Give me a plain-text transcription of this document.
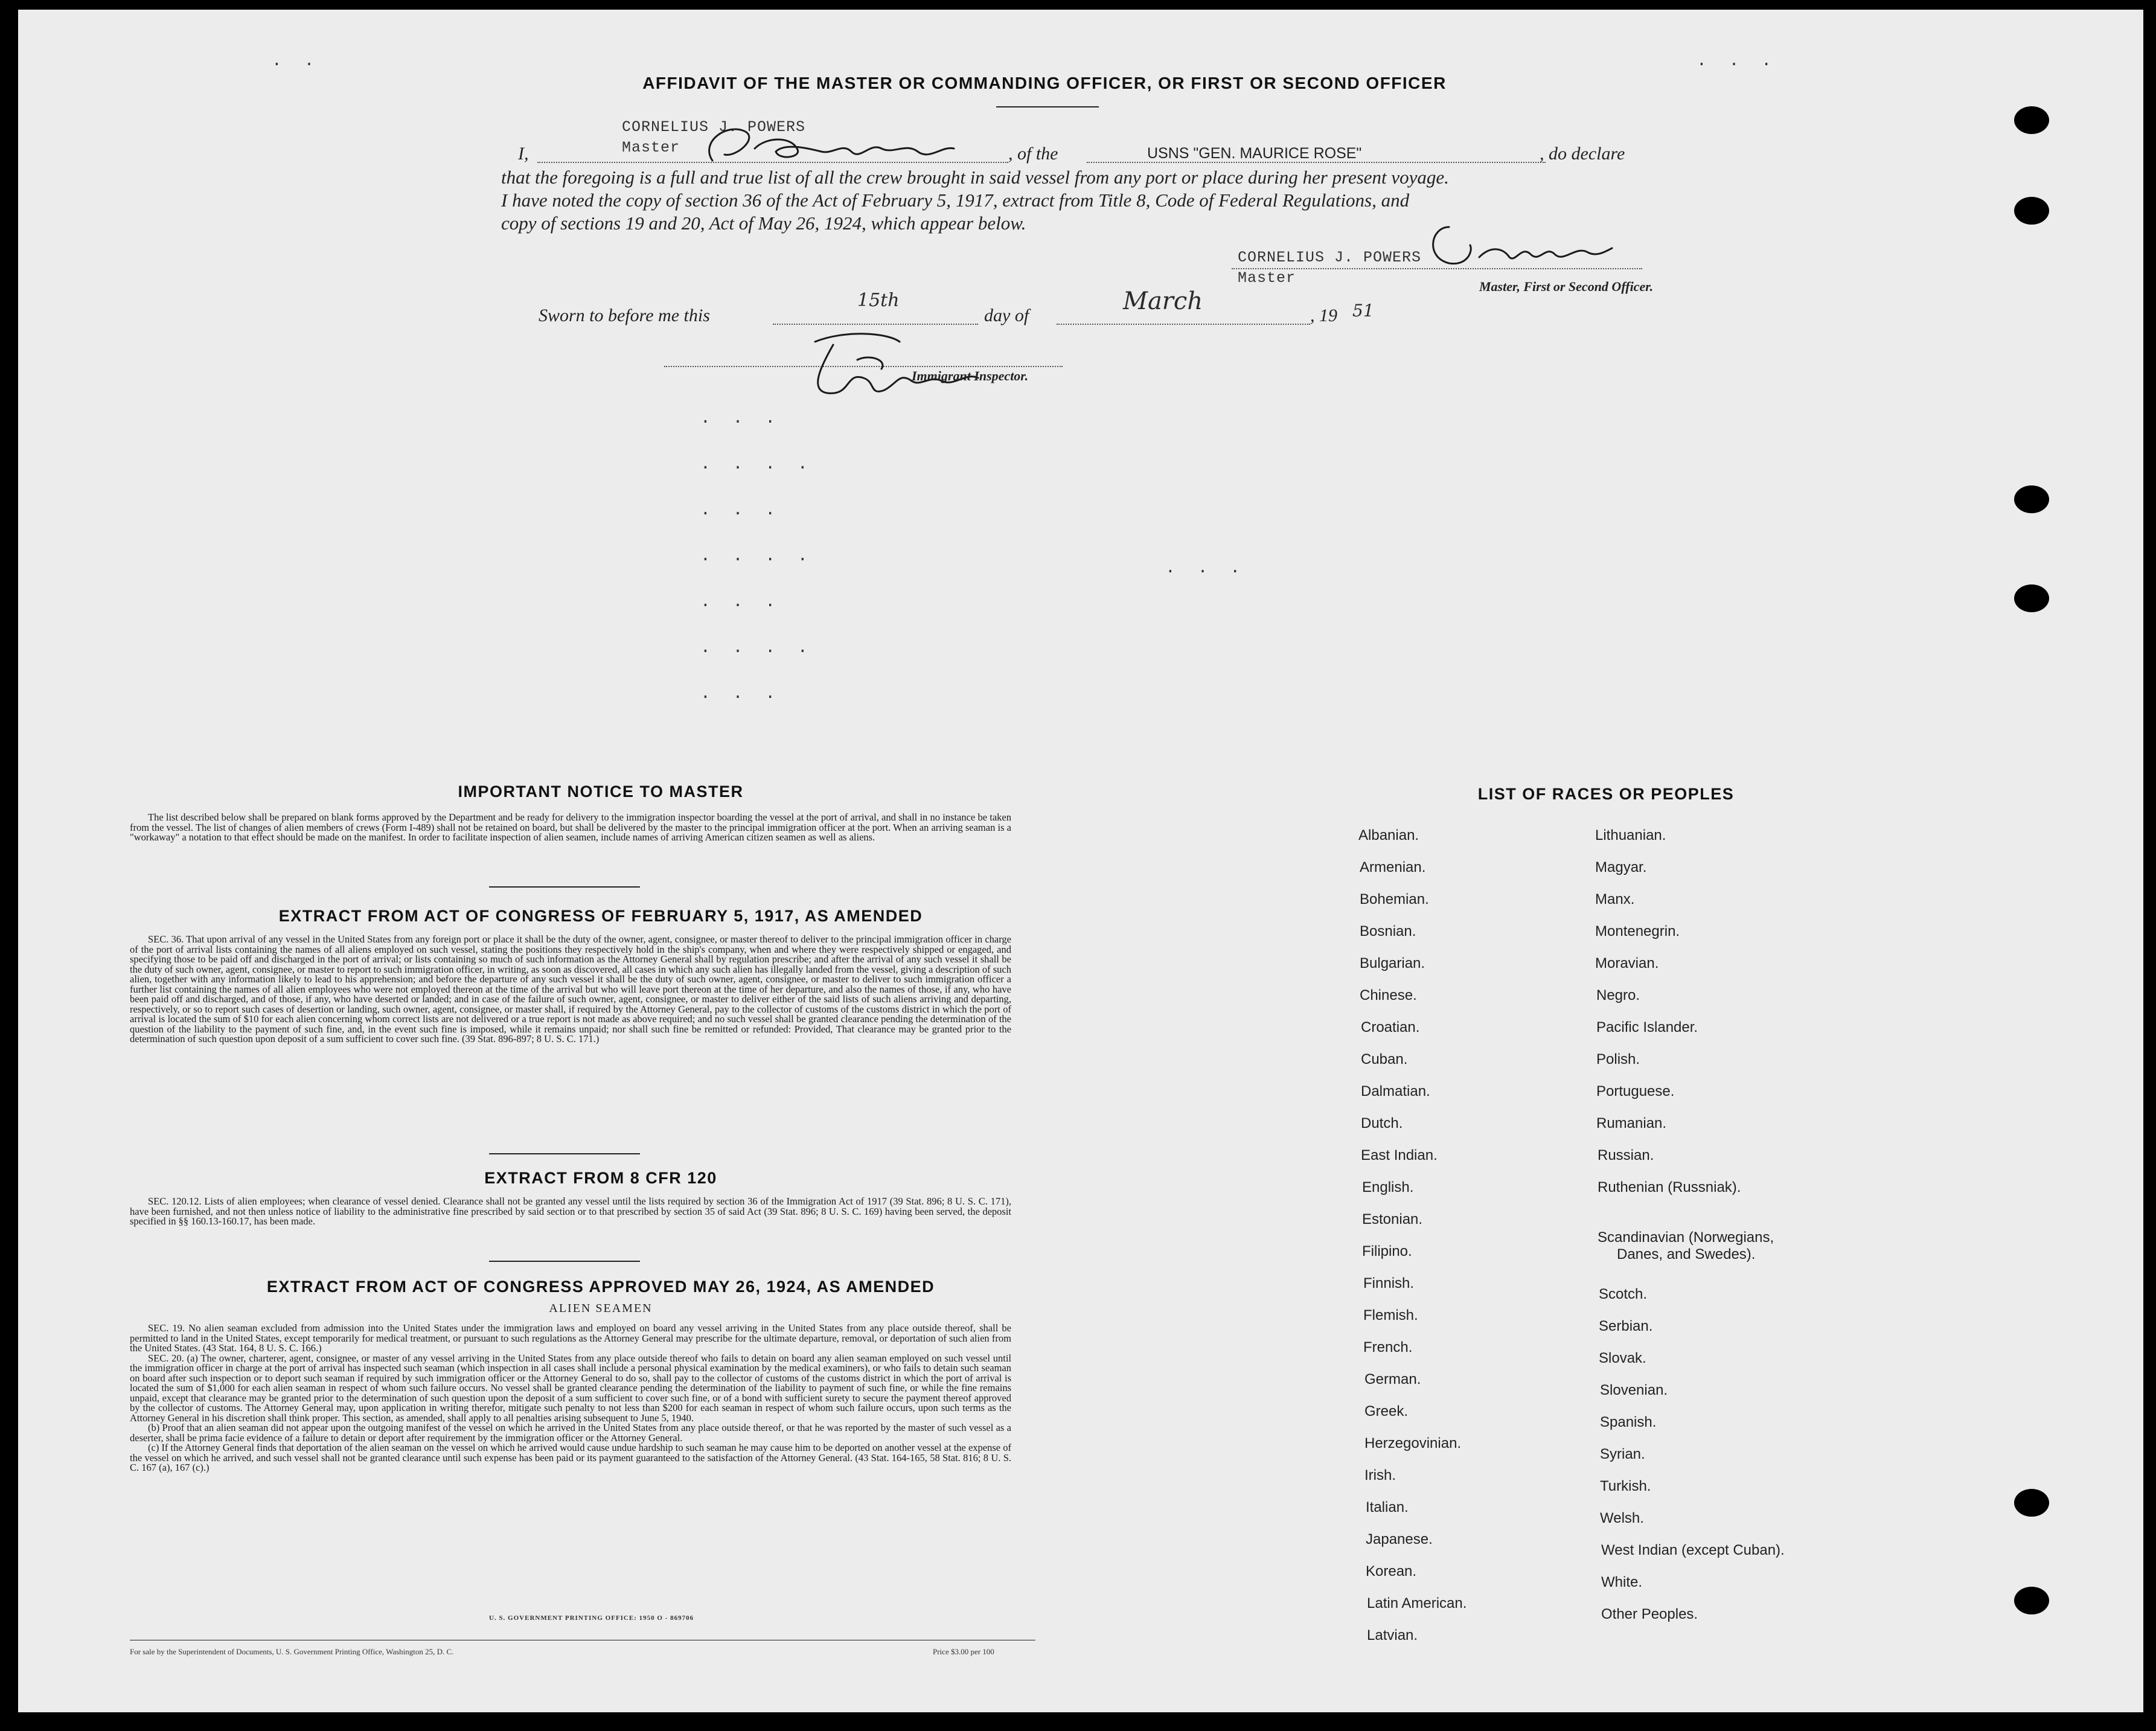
. .	. . .
. . .
. . . .
. . .
. . . .
. . .
. . . .
. . .
. . .
AFFIDAVIT OF THE MASTER OR COMMANDING OFFICER, OR FIRST OR SECOND OFFICER
I,
CORNELIUS J. POWERS
Master	, of the	USNS "GEN. MAURICE ROSE"	, do declare
that the foregoing is a full and true list of all the crew brought in said vessel from any port or place during her present voyage.
I have noted the copy of section 36 of the Act of February 5, 1917, extract from Title 8, Code of Federal Regulations, and
copy of sections 19 and 20, Act of May 26, 1924, which appear below.
CORNELIUS J. POWERS
Master	Master, First or Second Officer.
Sworn to before me this
15th
day of
March
, 19 51
Immigrant Inspector.
IMPORTANT NOTICE TO MASTER

The list described below shall be prepared on blank forms approved by the Department and be ready for delivery to the immigration inspector boarding the vessel at the port of arrival, and shall in no instance be taken from the vessel. The list of changes of alien members of crews (Form I-489) shall not be retained on board, but shall be delivered by the master to the principal immigration officer at the port. When an arriving seaman is a "workaway" a notation to that effect should be made on the manifest. In order to facilitate inspection of alien seamen, include names of arriving American citizen seamen as well as aliens.

EXTRACT FROM ACT OF CONGRESS OF FEBRUARY 5, 1917, AS AMENDED

SEC. 36. That upon arrival of any vessel in the United States from any foreign port or place it shall be the duty of the owner, agent, consignee, or master thereof to deliver to the principal immigration officer in charge of the port of arrival lists containing the names of all aliens employed on such vessel, stating the positions they respectively hold in the ship's company, when and where they were respectively shipped or engaged, and specifying those to be paid off and discharged in the port of arrival; or lists containing so much of such information as the Attorney General shall by regulation prescribe; and after the arrival of any such vessel it shall be the duty of such owner, agent, consignee, or master to report to such immigration officer, in writing, as soon as discovered, all cases in which any such alien has illegally landed from the vessel, giving a description of such alien, together with any information likely to lead to his apprehension; and before the departure of any such vessel it shall be the duty of such owner, agent, consignee, or master to deliver to such immigration officer a further list containing the names of all alien employees who were not employed thereon at the time of the arrival but who will leave port thereon at the time of her departure, and also the names of those, if any, who have been paid off and discharged, and of those, if any, who have deserted or landed; and in case of the failure of such owner, agent, consignee, or master to deliver either of the said lists of such aliens arriving and departing, respectively, or so to report such cases of desertion or landing, such owner, agent, consignee, or master shall, if required by the Attorney General, pay to the collector of customs of the customs district in which the port of arrival is located the sum of $10 for each alien concerning whom correct lists are not delivered or a true report is not made as above required; and no such vessel shall be granted clearance pending the determination of the question of the liability to the payment of such fine, and, in the event such fine is imposed, while it remains unpaid; nor shall such fine be remitted or refunded: Provided, That clearance may be granted prior to the determination of such question upon deposit of a sum sufficient to cover such fine. (39 Stat. 896-897; 8 U. S. C. 171.)

EXTRACT FROM 8 CFR 120

SEC. 120.12. Lists of alien employees; when clearance of vessel denied. Clearance shall not be granted any vessel until the lists required by section 36 of the Immigration Act of 1917 (39 Stat. 896; 8 U. S. C. 171), have been furnished, and not then unless notice of liability to the administrative fine prescribed by said section or to that prescribed by section 35 of said Act (39 Stat. 896; 8 U. S. C. 169) having been served, the deposit specified in §§ 160.13-160.17, has been made.

EXTRACT FROM ACT OF CONGRESS APPROVED MAY 26, 1924, AS AMENDED
ALIEN SEAMEN

SEC. 19. No alien seaman excluded from admission into the United States under the immigration laws and employed on board any vessel arriving in the United States from any place outside thereof, shall be permitted to land in the United States, except temporarily for medical treatment, or pursuant to such regulations as the Attorney General may prescribe for the ultimate departure, removal, or deportation of such alien from the United States. (43 Stat. 164, 8 U. S. C. 166.)

SEC. 20. (a) The owner, charterer, agent, consignee, or master of any vessel arriving in the United States from any place outside thereof who fails to detain on board any alien seaman employed on such vessel until the immigration officer in charge at the port of arrival has inspected such seaman (which inspection in all cases shall include a personal physical examination by the medical examiners), or who fails to detain such seaman on board after such inspection or to deport such seaman if required by such immigration officer or the Attorney General to do so, shall pay to the collector of customs of the customs district in which the port of arrival is located the sum of $1,000 for each alien seaman in respect of whom such failure occurs. No vessel shall be granted clearance pending the determination of the liability to payment of such fine, or while the fine remains unpaid, except that clearance may be granted prior to the determination of such question upon the deposit of a sum sufficient to cover such fine, or of a bond with sufficient surety to secure the payment thereof approved by the collector of customs. The Attorney General may, upon application in writing therefor, mitigate such penalty to not less than $200 for each seaman in respect of whom such failure occurs, upon such terms as the Attorney General in his discretion shall think proper. This section, as amended, shall apply to all penalties arising subsequent to June 5, 1940.

(b) Proof that an alien seaman did not appear upon the outgoing manifest of the vessel on which he arrived in the United States from any place outside thereof, or that he was reported by the master of such vessel as a deserter, shall be prima facie evidence of a failure to detain or deport after requirement by the immigration officer or the Attorney General.

(c) If the Attorney General finds that deportation of the alien seaman on the vessel on which he arrived would cause undue hardship to such seaman he may cause him to be deported on another vessel at the expense of the vessel on which he arrived, and such vessel shall not be granted clearance until such expense has been paid or its payment guaranteed to the satisfaction of the Attorney General. (43 Stat. 164-165, 58 Stat. 816; 8 U. S. C. 167 (a), 167 (c).)

U. S. GOVERNMENT PRINTING OFFICE: 1950 O - 869706
For sale by the Superintendent of Documents, U. S. Government Printing Office, Washington 25, D. C.	Price $3.00 per 100
LIST OF RACES OR PEOPLES
Albanian.
Armenian.
Bohemian.
Bosnian.
Bulgarian.
Chinese.
Croatian.
Cuban.
Dalmatian.
Dutch.
East Indian.
English.
Estonian.
Filipino.
Finnish.
Flemish.
French.
German.
Greek.
Herzegovinian.
Irish.
Italian.
Japanese.
Korean.
Latin American.
Latvian.
Lithuanian.
Magyar.
Manx.
Montenegrin.
Moravian.
Negro.
Pacific Islander.
Polish.
Portuguese.
Rumanian.
Russian.
Ruthenian (Russniak).
Scandinavian (Norwegians,
Danes, and Swedes).
Scotch.
Serbian.
Slovak.
Slovenian.
Spanish.
Syrian.
Turkish.
Welsh.
West Indian (except Cuban).
White.
Other Peoples.
